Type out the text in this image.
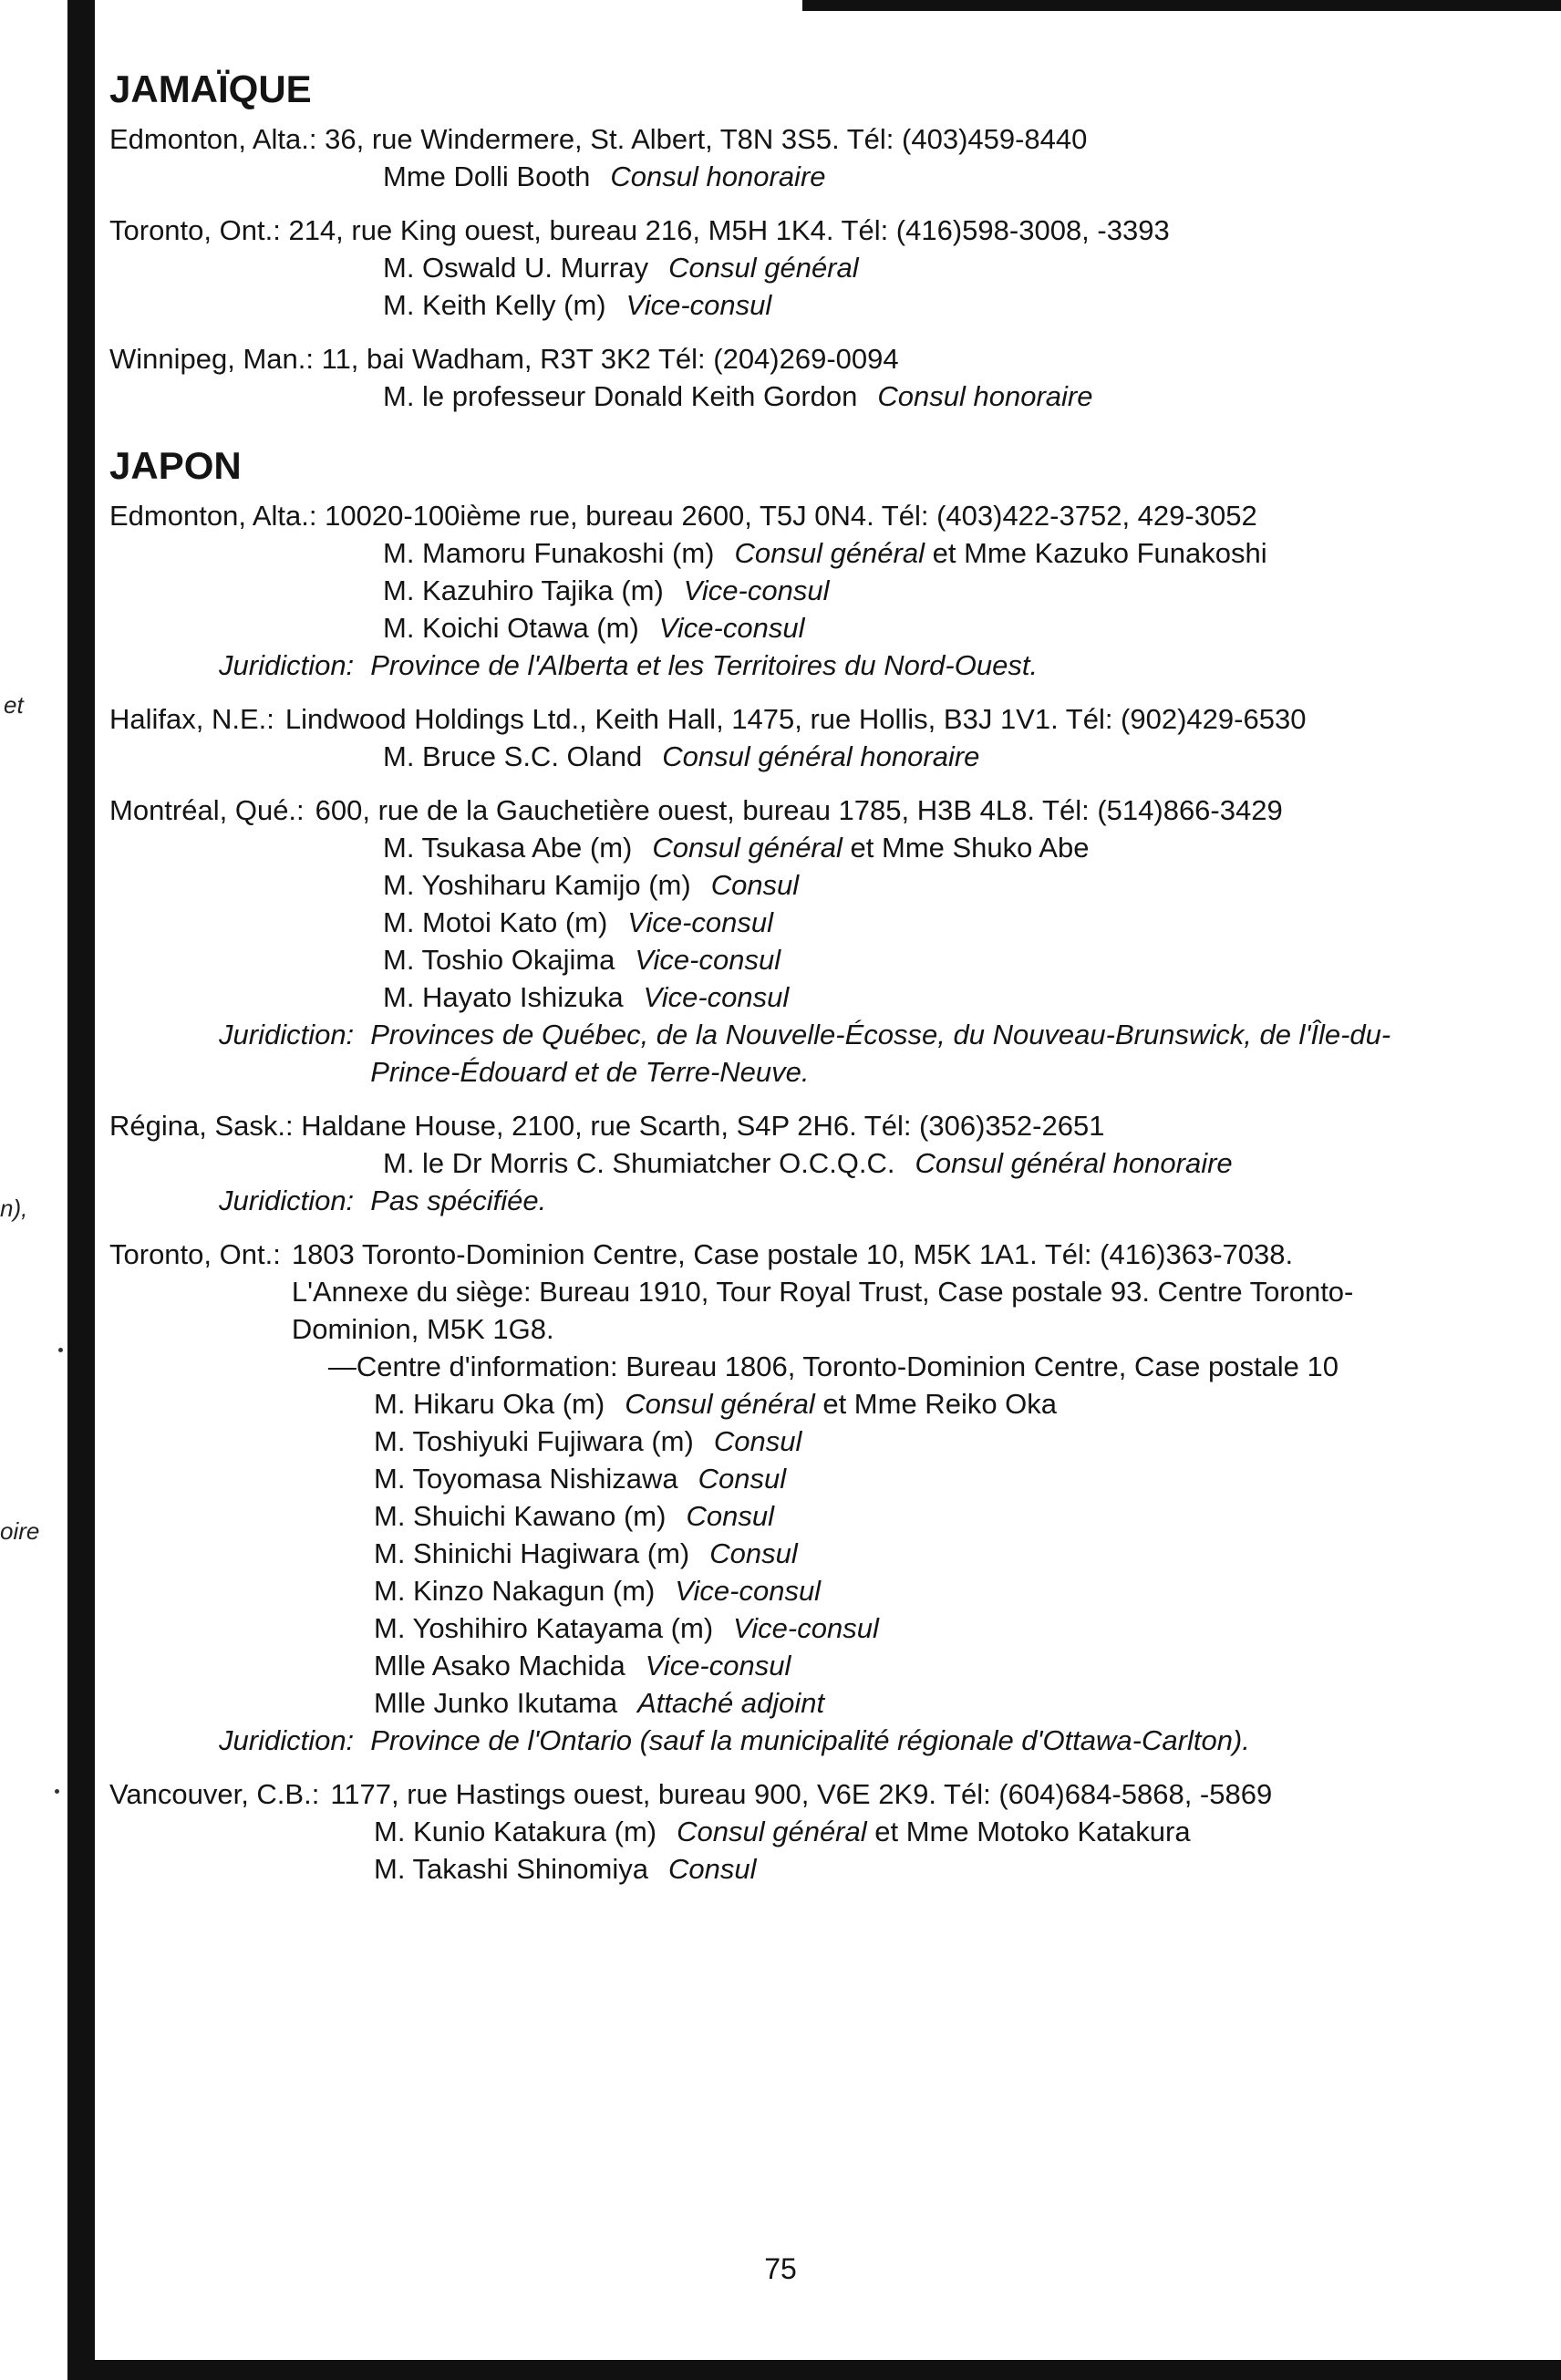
et
n),
oire
JAMAÏQUE
Edmonton, Alta.: 36, rue Windermere, St. Albert, T8N 3S5. Tél: (403)459-8440
Mme Dolli Booth Consul honoraire
Toronto, Ont.: 214, rue King ouest, bureau 216, M5H 1K4. Tél: (416)598-3008, -3393
M. Oswald U. Murray Consul général
M. Keith Kelly (m) Vice-consul
Winnipeg, Man.: 11, bai Wadham, R3T 3K2 Tél: (204)269-0094
M. le professeur Donald Keith Gordon Consul honoraire
JAPON
Edmonton, Alta.: 10020-100ième rue, bureau 2600, T5J 0N4. Tél: (403)422-3752, 429-3052
M. Mamoru Funakoshi (m) Consul général et Mme Kazuko Funakoshi
M. Kazuhiro Tajika (m) Vice-consul
M. Koichi Otawa (m) Vice-consul
Juridiction: Province de l'Alberta et les Territoires du Nord-Ouest.
Halifax, N.E.: Lindwood Holdings Ltd., Keith Hall, 1475, rue Hollis, B3J 1V1. Tél: (902)429-6530
M. Bruce S.C. Oland Consul général honoraire
Montréal, Qué.: 600, rue de la Gauchetière ouest, bureau 1785, H3B 4L8. Tél: (514)866-3429
M. Tsukasa Abe (m) Consul général et Mme Shuko Abe
M. Yoshiharu Kamijo (m) Consul
M. Motoi Kato (m) Vice-consul
M. Toshio Okajima Vice-consul
M. Hayato Ishizuka Vice-consul
Juridiction: Provinces de Québec, de la Nouvelle-Écosse, du Nouveau-Brunswick, de l'Île-du-Prince-Édouard et de Terre-Neuve.
Régina, Sask.: Haldane House, 2100, rue Scarth, S4P 2H6. Tél: (306)352-2651
M. le Dr Morris C. Shumiatcher O.C.Q.C. Consul général honoraire
Juridiction: Pas spécifiée.
Toronto, Ont.: 1803 Toronto-Dominion Centre, Case postale 10, M5K 1A1. Tél: (416)363-7038.
L'Annexe du siège: Bureau 1910, Tour Royal Trust, Case postale 93. Centre Toronto-Dominion, M5K 1G8.
—Centre d'information: Bureau 1806, Toronto-Dominion Centre, Case postale 10
M. Hikaru Oka (m) Consul général et Mme Reiko Oka
M. Toshiyuki Fujiwara (m) Consul
M. Toyomasa Nishizawa Consul
M. Shuichi Kawano (m) Consul
M. Shinichi Hagiwara (m) Consul
M. Kinzo Nakagun (m) Vice-consul
M. Yoshihiro Katayama (m) Vice-consul
Mlle Asako Machida Vice-consul
Mlle Junko Ikutama Attaché adjoint
Juridiction: Province de l'Ontario (sauf la municipalité régionale d'Ottawa-Carlton).
Vancouver, C.B.: 1177, rue Hastings ouest, bureau 900, V6E 2K9. Tél: (604)684-5868, -5869
M. Kunio Katakura (m) Consul général et Mme Motoko Katakura
M. Takashi Shinomiya Consul
75
